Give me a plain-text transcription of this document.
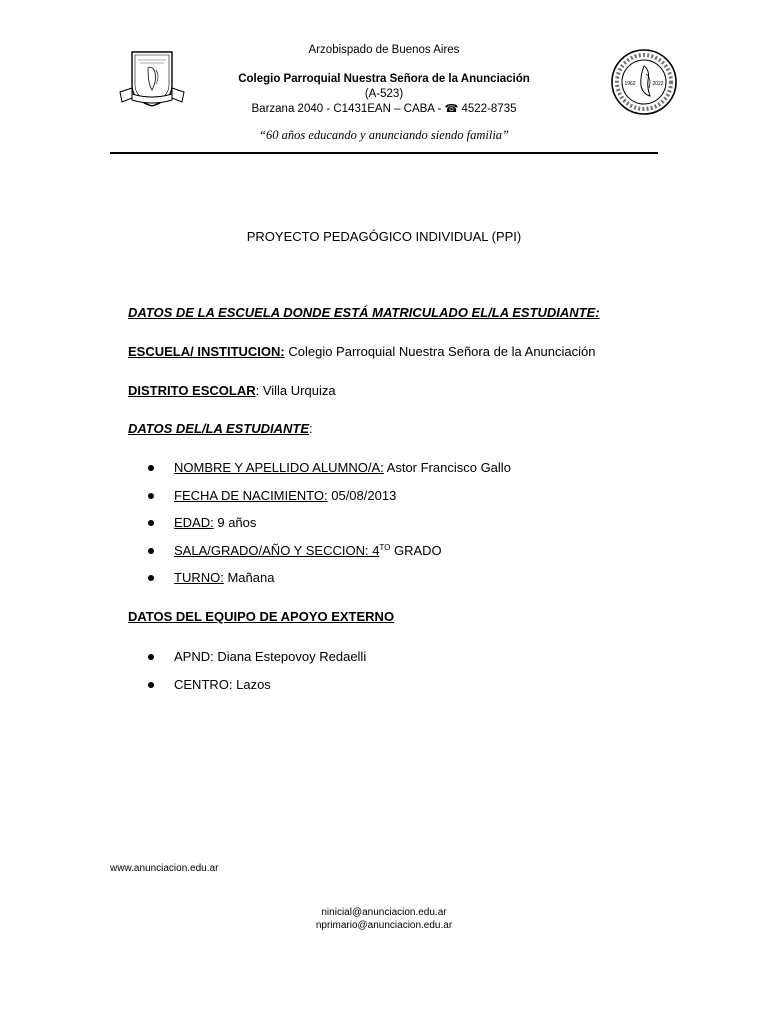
1962	2022
Arzobispado de Buenos Aires
Colegio Parroquial Nuestra Señora de la Anunciación
(A-523)
Barzana 2040 - C1431EAN – CABA - ☎ 4522-8735
“60 años educando y anunciando siendo familia”
PROYECTO PEDAGÓGICO INDIVIDUAL (PPI)
DATOS DE LA ESCUELA DONDE ESTÁ MATRICULADO EL/LA ESTUDIANTE:
ESCUELA/ INSTITUCION: Colegio Parroquial Nuestra Señora de la Anunciación
DISTRITO ESCOLAR: Villa Urquiza
DATOS DEL/LA ESTUDIANTE:
NOMBRE Y APELLIDO ALUMNO/A: Astor Francisco Gallo
FECHA DE NACIMIENTO: 05/08/2013
EDAD: 9 años
SALA/GRADO/AÑO Y SECCION: $4^{TO}$ GRADO
TURNO: Mañana
DATOS DEL EQUIPO DE APOYO EXTERNO
APND: Diana Estepovoy Redaelli
CENTRO: Lazos
www.anunciacion.edu.ar
ninicial@anunciacion.edu.ar
nprimario@anunciacion.edu.ar
